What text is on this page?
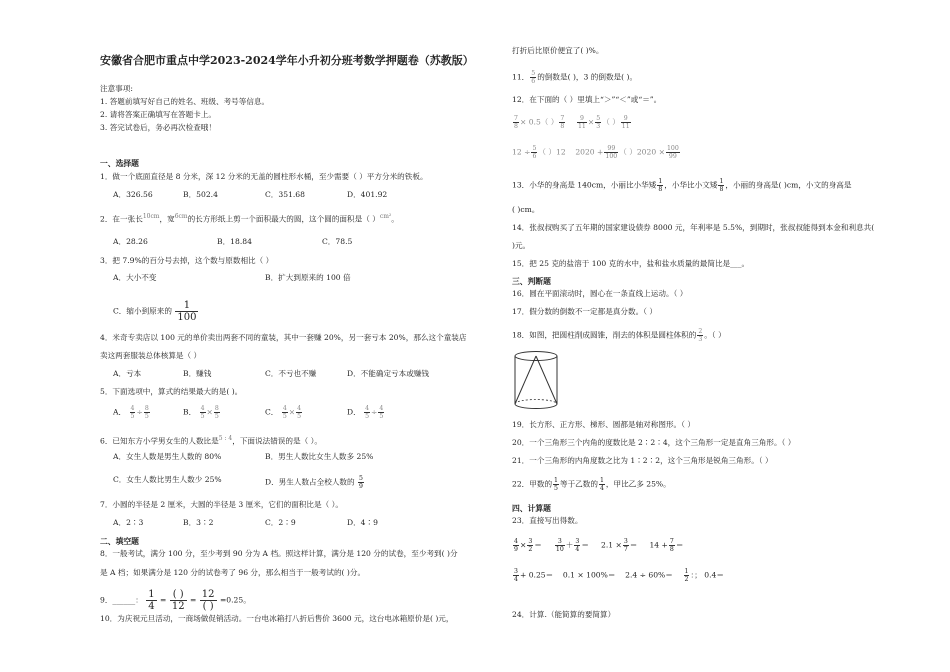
安徽省合肥市重点中学2023-2024学年小升初分班考数学押题卷（苏教版）
注意事项:
1. 答题前填写好自己的姓名、班级、考号等信息。
2. 请将答案正确填写在答题卡上。
3. 答完试卷后，务必再次检查哦！
一、选择题
1．做一个底面直径是 8 分米，深 12 分米的无盖的圆柱形水桶，至少需要（ ）平方分米的铁板。
A．326.56	B．502.4	C．351.68	D．401.92
2．在一张长$^{10cm}$，宽$^{6cm}$的长方形纸上剪一个面积最大的圆，这个圆的面积是（ ）$^{cm^2}$。
A．28.26	B．18.84	C．78.5
3．把 7.9%的百分号去掉，这个数与原数相比（ ）
A．大小不变	B．扩大到原来的 100 倍
C．缩小到原来的 $\frac{1}{100}$
4．米奇专卖店以 100 元的单价卖出两套不同的童装，其中一套赚 20%，另一套亏本 20%，那么这个童装店
卖这两套服装总体核算是（ ）
A．亏本	B．赚钱	C．不亏也不赚	D．不能确定亏本或赚钱
5．下面选项中，算式的结果最大的是( )。
A． $\frac{4}{5} \div \frac{8}{5}$	B． $\frac{4}{5} \times \frac{8}{5}$	C． $\frac{4}{5} \times \frac{4}{5}$	D． $\frac{4}{5} \div \frac{4}{5}$
6．已知东方小学男女生的人数比是$^{5 : 4}$，下面说法错误的是（ ）。
A．女生人数是男生人数的 80%	B．男生人数比女生人数多 25%
C．女生人数比男生人数少 25%	D．男生人数占全校人数的 $\frac{5}{9}$
7．小圆的半径是 2 厘米，大圆的半径是 3 厘米，它们的面积比是（ ）。
A．2∶3	B．3∶2	C．2∶9	D．4∶9
二、填空题
8．一般考试，满分 100 分，至少考到 90 分为 A 档。照这样计算，满分是 120 分的试卷，至少考到( )分
是 A 档；如果满分是 120 分的试卷考了 96 分，那么相当于一般考试的( )分。
9．______： $\frac{1}{4} = \frac{( )}{12} = \frac{12}{( )} =0.25$。
10．为庆祝元旦活动，一商场做促销活动。一台电冰箱打八折后售价 3600 元，这台电冰箱原价是( )元，
打折后比原价便宜了( )%。
11． $\frac{5}{6}$ 的倒数是( )，3 的倒数是( )。
12．在下面的（ ）里填上“＞”“＜”或“＝”。
$\frac{7}{8} \times 0.5$（ ） $\frac{7}{8}$
$\frac{9}{11} \times \frac{5}{3}$ （ ） $\frac{9}{11}$
$12 \div \frac{5}{6}$ （ ）12 $2020 + \frac{99}{100}$ （ ）$2020 \times \frac{100}{99}$
13．小华的身高是 140cm，小丽比小华矮 $\frac{1}{8}$ ，小华比小文矮 $\frac{1}{8}$ ，小丽的身高是( )cm，小文的身高是
( )cm。
14．张叔叔购买了五年期的国家建设债券 8000 元，年利率是 5.5%，到期时，张叔叔能得到本金和利息共(
)元。
15．把 25 克的盐溶于 100 克的水中，盐和盐水质量的最简比是___。
三、判断题
16．圆在平面滚动时，圆心在一条直线上运动。（ ）
17．假分数的倒数不一定都是真分数。（ ）
18．如图，把圆柱削成圆锥，削去的体积是圆柱体积的 $\frac{2}{3}$ 。（ ）
19．长方形、正方形、梯形、圆都是轴对称图形。（ ）
20．一个三角形三个内角的度数比是 2∶2∶4，这个三角形一定是直角三角形。（ ）
21．一个三角形的内角度数之比为 1∶2∶2，这个三角形是锐角三角形。（ ）
22．甲数的 $\frac{1}{5}$ 等于乙数的 $\frac{1}{4}$ ，甲比乙多 25%。
四、计算题
23．直接写出得数。
$\frac{4}{9} \times \frac{3}{2} = \frac{3}{10} + \frac{3}{4} = 2.1 \times \frac{3}{7} = 14 + \frac{7}{8}$ ＝
$\frac{3}{4} + 0.25= 0.1 \times 100\%= 2.4 \div 60\%= \frac{1}{2}$ ：； 0.4＝
24．计算.（能简算的要简算）
